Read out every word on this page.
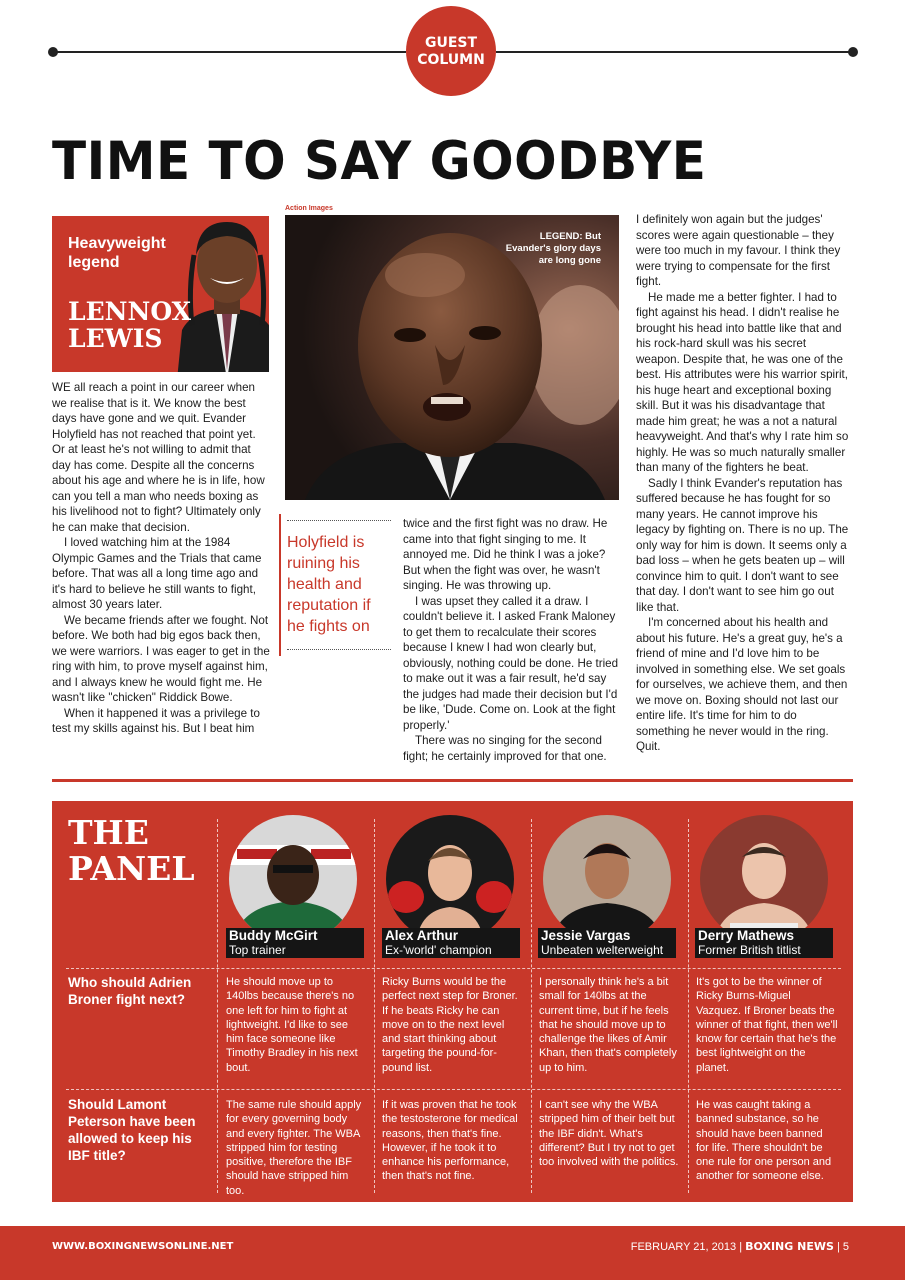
GUEST
COLUMN
TIME TO SAY GOODBYE
Heavyweight
legend
LENNOX
LEWIS
Action Images
LEGEND: But Evander's glory days are long gone
Holyfield is ruining his health and reputation if he fights on

WE all reach a point in our career when we realise that is it. We know the best days have gone and we quit. Evander Holyfield has not reached that point yet. Or at least he's not willing to admit that day has come. Despite all the concerns about his age and where he is in life, how can you tell a man who needs boxing as his livelihood not to fight? Ultimately only he can make that decision.

I loved watching him at the 1984 Olympic Games and the Trials that came before. That was all a long time ago and it's hard to believe he still wants to fight, almost 30 years later.

We became friends after we fought. Not before. We both had big egos back then, we were warriors. I was eager to get in the ring with him, to prove myself against him, and I always knew he would fight me. He wasn't like "chicken" Riddick Bowe.

When it happened it was a privilege to test my skills against his. But I beat him

twice and the first fight was no draw. He came into that fight singing to me. It annoyed me. Did he think I was a joke? But when the fight was over, he wasn't singing. He was throwing up.

I was upset they called it a draw. I couldn't believe it. I asked Frank Maloney to get them to recalculate their scores because I knew I had won clearly but, obviously, nothing could be done. He tried to make out it was a fair result, he'd say the judges had made their decision but I'd be like, 'Dude. Come on. Look at the fight properly.'

There was no singing for the second fight; he certainly improved for that one.

I definitely won again but the judges' scores were again questionable – they were too much in my favour. I think they were trying to compensate for the first fight.

He made me a better fighter. I had to fight against his head. I didn't realise he brought his head into battle like that and his rock-hard skull was his secret weapon. Despite that, he was one of the best. His attributes were his warrior spirit, his huge heart and exceptional boxing skill. But it was his disadvantage that made him great; he was a not a natural heavyweight. And that's why I rate him so highly. He was so much naturally smaller than many of the fighters he beat.

Sadly I think Evander's reputation has suffered because he has fought for so many years. He cannot improve his legacy by fighting on. There is no up. The only way for him is down. It seems only a bad loss – when he gets beaten up – will convince him to quit. I don't want to see that day. I don't want to see him go out like that.

I'm concerned about his health and about his future. He's a great guy, he's a friend of mine and I'd love him to be involved in something else. We set goals for ourselves, we achieve them, and then we move on. Boxing should not last our entire life. It's time for him to do something he never would in the ring. Quit.

THE
PANEL
Buddy McGirt
Top trainer
Alex Arthur
Ex-'world' champion
Jessie Vargas
Unbeaten welterweight
Derry Mathews
Former British titlist
Who should Adrien Broner fight next?
Should Lamont Peterson have been allowed to keep his IBF title?
He should move up to 140lbs because there's no one left for him to fight at lightweight. I'd like to see him face someone like Timothy Bradley in his next bout.
Ricky Burns would be the perfect next step for Broner. If he beats Ricky he can move on to the next level and start thinking about targeting the pound-for-pound list.
I personally think he's a bit small for 140lbs at the current time, but if he feels that he should move up to challenge the likes of Amir Khan, then that's completely up to him.
It's got to be the winner of Ricky Burns-Miguel Vazquez. If Broner beats the winner of that fight, then we'll know for certain that he's the best lightweight on the planet.
The same rule should apply for every governing body and every fighter. The WBA stripped him for testing positive, therefore the IBF should have stripped him too.
If it was proven that he took the testosterone for medical reasons, then that's fine. However, if he took it to enhance his performance, then that's not fine.
I can't see why the WBA stripped him of their belt but the IBF didn't. What's different? But I try not to get too involved with the politics.
He was caught taking a banned substance, so he should have been banned for life. There shouldn't be one rule for one person and another for someone else.
WWW.BOXINGNEWSONLINE.NET	FEBRUARY 21, 2013 | BOXING NEWS | 5
